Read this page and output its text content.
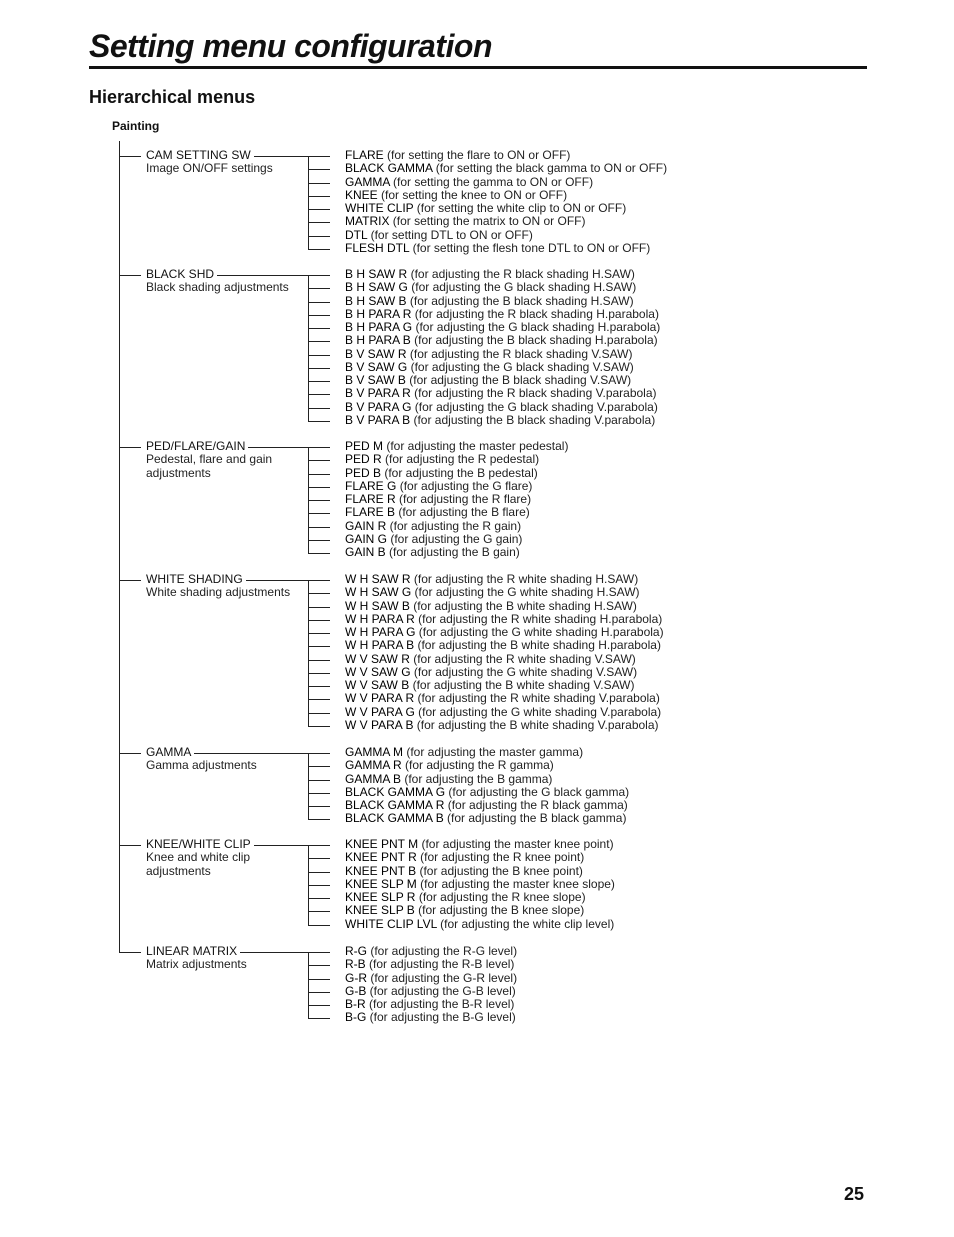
Setting menu configuration
Hierarchical menus
Painting
CAM SETTING SW
Image ON/OFF settings
FLARE (for setting the flare to ON or OFF)
BLACK GAMMA (for setting the black gamma to ON or OFF)
GAMMA (for setting the gamma to ON or OFF)
KNEE (for setting the knee to ON or OFF)
WHITE CLIP (for setting the white clip to ON or OFF)
MATRIX (for setting the matrix to ON or OFF)
DTL (for setting DTL to ON or OFF)
FLESH DTL (for setting the flesh tone DTL to ON or OFF)
BLACK SHD
Black shading adjustments
B H SAW R (for adjusting the R black shading H.SAW)
B H SAW G (for adjusting the G black shading H.SAW)
B H SAW B (for adjusting the B black shading H.SAW)
B H PARA R (for adjusting the R black shading H.parabola)
B H PARA G (for adjusting the G black shading H.parabola)
B H PARA B (for adjusting the B black shading H.parabola)
B V SAW R (for adjusting the R black shading V.SAW)
B V SAW G (for adjusting the G black shading V.SAW)
B V SAW B (for adjusting the B black shading V.SAW)
B V PARA R (for adjusting the R black shading V.parabola)
B V PARA G (for adjusting the G black shading V.parabola)
B V PARA B (for adjusting the B black shading V.parabola)
PED/FLARE/GAIN
Pedestal, flare and gain
adjustments
PED M (for adjusting the master pedestal)
PED R (for adjusting the R pedestal)
PED B (for adjusting the B pedestal)
FLARE G (for adjusting the G flare)
FLARE R (for adjusting the R flare)
FLARE B (for adjusting the B flare)
GAIN R (for adjusting the R gain)
GAIN G (for adjusting the G gain)
GAIN B (for adjusting the B gain)
WHITE SHADING
White shading adjustments
W H SAW R (for adjusting the R white shading H.SAW)
W H SAW G (for adjusting the G white shading H.SAW)
W H SAW B (for adjusting the B white shading H.SAW)
W H PARA R (for adjusting the R white shading H.parabola)
W H PARA G (for adjusting the G white shading H.parabola)
W H PARA B (for adjusting the B white shading H.parabola)
W V SAW R (for adjusting the R white shading V.SAW)
W V SAW G (for adjusting the G white shading V.SAW)
W V SAW B (for adjusting the B white shading V.SAW)
W V PARA R (for adjusting the R white shading V.parabola)
W V PARA G (for adjusting the G white shading V.parabola)
W V PARA B (for adjusting the B white shading V.parabola)
GAMMA
Gamma adjustments
GAMMA M (for adjusting the master gamma)
GAMMA R (for adjusting the R gamma)
GAMMA B (for adjusting the B gamma)
BLACK GAMMA G (for adjusting the G black gamma)
BLACK GAMMA R (for adjusting the R black gamma)
BLACK GAMMA B (for adjusting the B black gamma)
KNEE/WHITE CLIP
Knee and white clip
adjustments
KNEE PNT M (for adjusting the master knee point)
KNEE PNT R (for adjusting the R knee point)
KNEE PNT B (for adjusting the B knee point)
KNEE SLP M (for adjusting the master knee slope)
KNEE SLP R (for adjusting the R knee slope)
KNEE SLP B (for adjusting the B knee slope)
WHITE CLIP LVL (for adjusting the white clip level)
LINEAR MATRIX
Matrix adjustments
R-G (for adjusting the R-G level)
R-B (for adjusting the R-B level)
G-R (for adjusting the G-R level)
G-B (for adjusting the G-B level)
B-R (for adjusting the B-R level)
B-G (for adjusting the B-G level)
25
